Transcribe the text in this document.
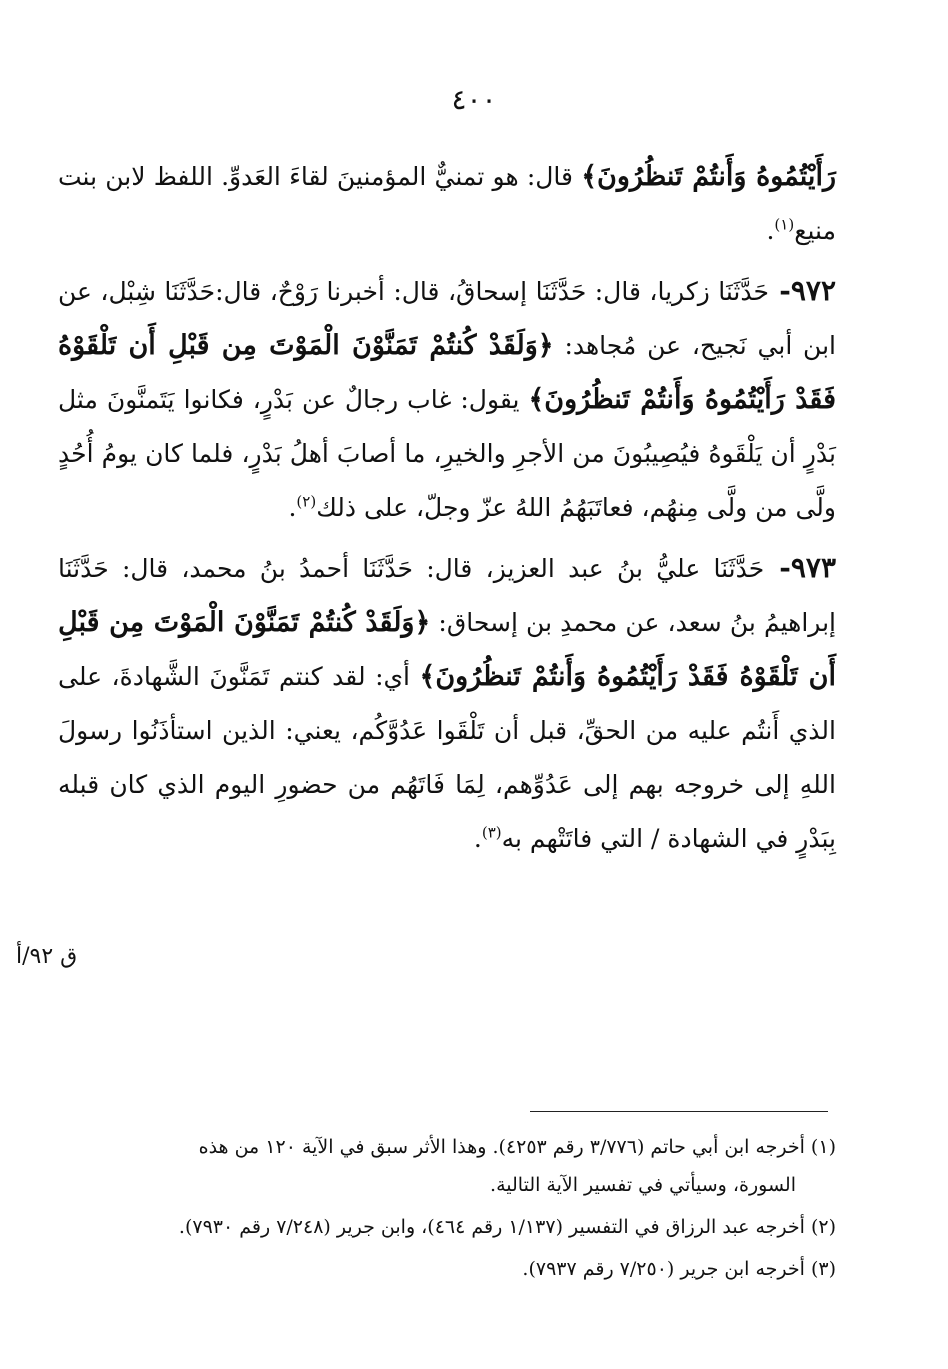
٤٠٠

رَأَيْتُمُوهُ وَأَنتُمْ تَنظُرُونَ﴾ قال: هو تمنيٌّ المؤمنينَ لقاءَ العَدوِّ. اللفظ لابن بنت منيع$^{(١)}$.

٩٧٢- حَدَّثَنَا زكريا، قال: حَدَّثَنَا إسحاقُ، قال: أخبرنا رَوْحٌ، قال:حَدَّثَنَا شِبْل، عن ابن أبي نَجيح، عن مُجاهد: ﴿وَلَقَدْ كُنتُمْ تَمَنَّوْنَ الْمَوْتَ مِن قَبْلِ أَن تَلْقَوْهُ فَقَدْ رَأَيْتُمُوهُ وَأَنتُمْ تَنظُرُونَ﴾ يقول: غاب رجالٌ عن بَدْرٍ، فكانوا يَتَمنَّونَ مثل بَدْرٍ أن يَلْقَوهُ فيُصِيبُونَ من الأجرِ والخيرِ، ما أصابَ أهلُ بَدْرٍ، فلما كان يومُ أُحُدٍ ولَّى من ولَّى مِنهُم، فعاتَبَهُمُ اللهُ عزّ وجلّ، على ذلك$^{(٢)}$.

٩٧٣- حَدَّثَنَا عليُّ بنُ عبد العزيز، قال: حَدَّثَنَا أحمدُ بنُ محمد، قال: حَدَّثَنَا إبراهيمُ بنُ سعد، عن محمدِ بن إسحاق: ﴿وَلَقَدْ كُنتُمْ تَمَنَّوْنَ الْمَوْتَ مِن قَبْلِ أَن تَلْقَوْهُ فَقَدْ رَأَيْتُمُوهُ وَأَنتُمْ تَنظُرُونَ﴾ أي: لقد كنتم تَمَنَّونَ الشَّهادةَ، على الذي أَنتُم عليه من الحقِّ، قبل أن تَلْقَوا عَدُوَّكُم، يعني: الذين استأذَنُوا رسولَ اللهِ إلى خروجه بهم إلى عَدُوِّهم، لِمَا فَاتَهُم من حضورِ اليوم الذي كان قبله بِبَدْرٍ في الشهادة / التي فاتَتْهم به$^{(٣)}$.

ق ٩٢/أ

(١) أخرجه ابن أبي حاتم (٣/٧٧٦ رقم ٤٢٥٣). وهذا الأثر سبق في الآية ١٢٠ من هذه
السورة، وسيأتي في تفسير الآية التالية.

(٢) أخرجه عبد الرزاق في التفسير (١/١٣٧ رقم ٤٦٤)، وابن جرير (٧/٢٤٨ رقم ٧٩٣٠).

(٣) أخرجه ابن جرير (٧/٢٥٠ رقم ٧٩٣٧).
